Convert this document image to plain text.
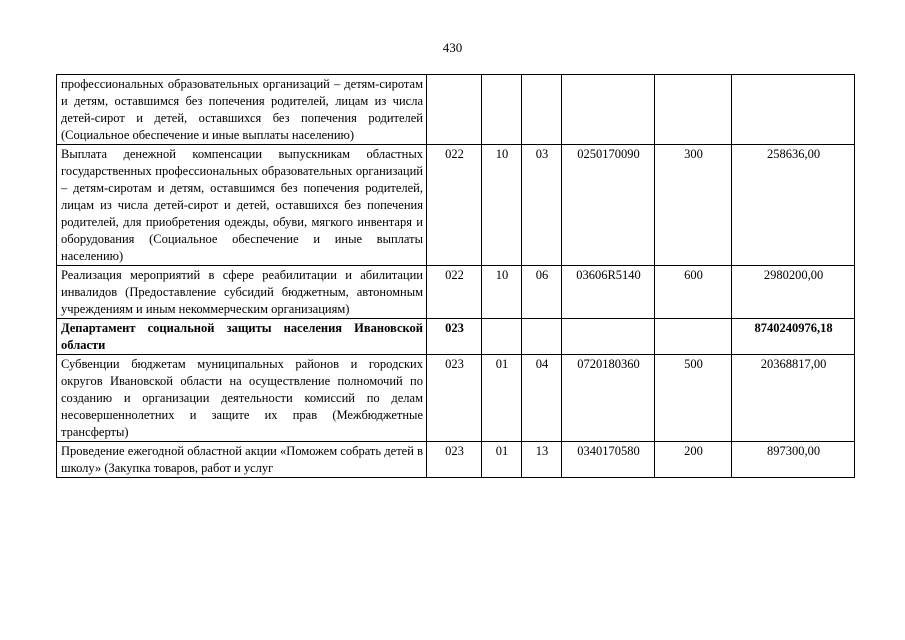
430
профессиональных образовательных организаций – детям-сиротам и детям, оставшимся без попечения родителей, лицам из числа детей-сирот и детей, оставшихся без попечения родителей (Социальное обеспечение и иные выплаты населению)						
Выплата денежной компенсации выпускникам областных государственных профессиональных образовательных организаций – детям-сиротам и детям, оставшимся без попечения родителей, лицам из числа детей-сирот и детей, оставшихся без попечения родителей, для приобретения одежды, обуви, мягкого инвентаря и оборудования (Социальное обеспечение и иные выплаты населению)	022	10	03	0250170090	300	258636,00
Реализация мероприятий в сфере реабилитации и абилитации инвалидов (Предоставление субсидий бюджетным, автономным учреждениям и иным некоммерческим организациям)	022	10	06	03606R5140	600	2980200,00
Департамент социальной защиты населения Ивановской области	023					8740240976,18
Субвенции бюджетам муниципальных районов и городских округов Ивановской области на осуществление полномочий по созданию и организации деятельности комиссий по делам несовершеннолетних и защите их прав (Межбюджетные трансферты)	023	01	04	0720180360	500	20368817,00
Проведение ежегодной областной акции «Поможем собрать детей в школу» (Закупка товаров, работ и услуг	023	01	13	0340170580	200	897300,00
